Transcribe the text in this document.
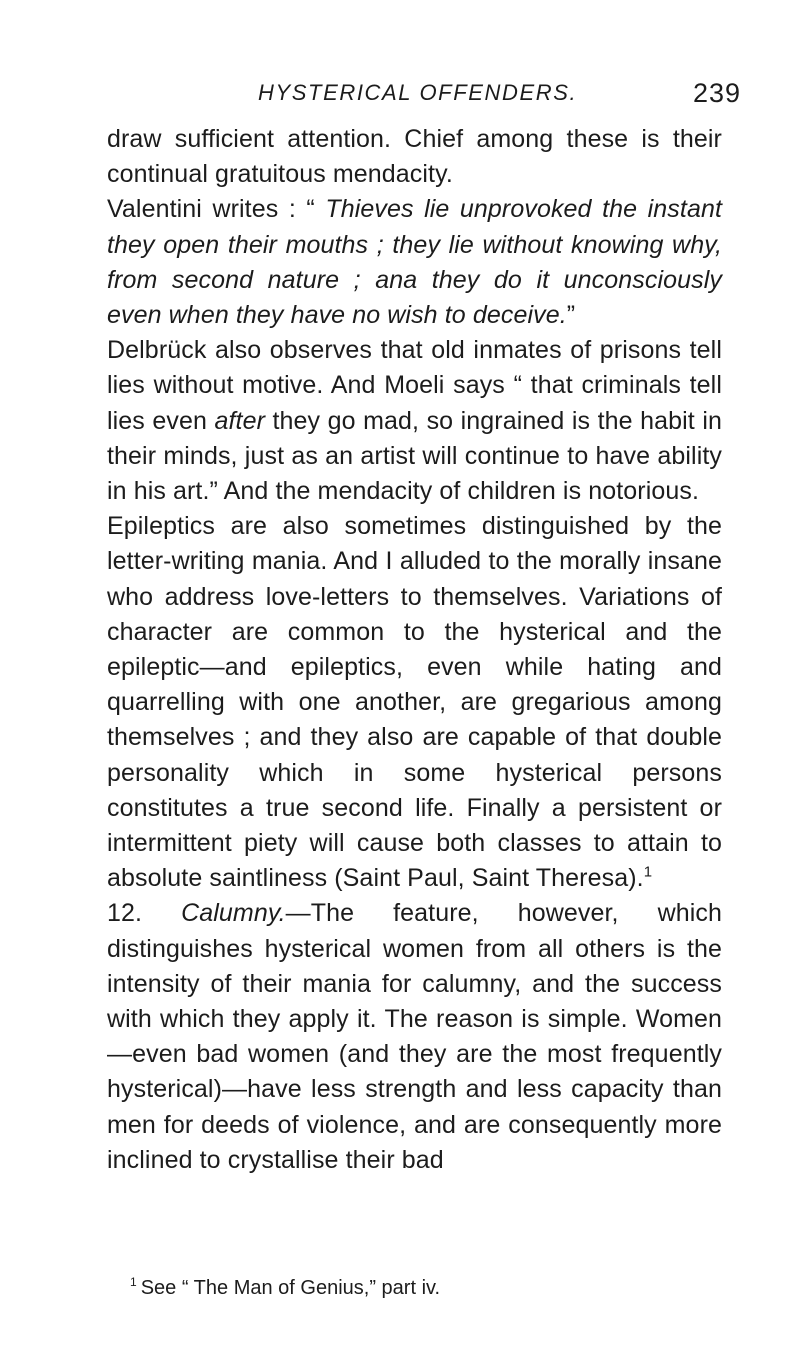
HYSTERICAL OFFENDERS.	239

draw sufficient attention. Chief among these is their continual gratuitous mendacity.

Valentini writes : “ Thieves lie unprovoked the instant they open their mouths ; they lie without knowing why, from second nature ; ana they do it unconsciously even when they have no wish to deceive.”

Delbrück also observes that old inmates of prisons tell lies without motive. And Moeli says “ that criminals tell lies even after they go mad, so ingrained is the habit in their minds, just as an artist will continue to have ability in his art.” And the mendacity of children is notorious.

Epileptics are also sometimes distinguished by the letter-writing mania. And I alluded to the morally insane who address love-letters to themselves. Variations of character are common to the hysterical and the epileptic—and epileptics, even while hating and quarrelling with one another, are gregarious among themselves ; and they also are capable of that double personality which in some hysterical persons constitutes a true second life. Finally a persistent or intermittent piety will cause both classes to attain to absolute saintliness (Saint Paul, Saint Theresa).$^1$

12. Calumny.—The feature, however, which distinguishes hysterical women from all others is the intensity of their mania for calumny, and the success with which they apply it. The reason is simple. Women—even bad women (and they are the most frequently hysterical)—have less strength and less capacity than men for deeds of violence, and are consequently more inclined to crystallise their bad

$^1$ See “ The Man of Genius,” part iv.
